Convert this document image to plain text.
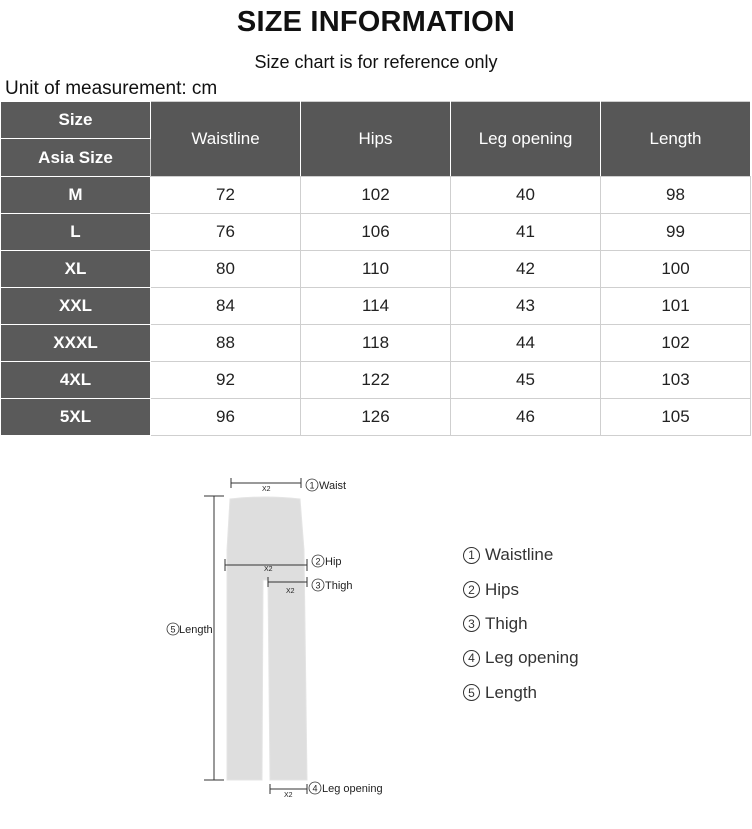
SIZE INFORMATION
Size chart is for reference only
Unit of measurement: cm
Size	Waistline	Hips	Leg opening	Length
Asia Size				
M	72	102	40	98
L	76	106	41	99
XL	80	110	42	100
XXL	84	114	43	101
XXXL	88	118	44	102
4XL	92	122	45	103
5XL	96	126	46	105
X2	1 Waist
X2
2 Hip
X2
3 Thigh
5 Length
X2
4 Leg opening
1 Waistline
2 Hips
3 Thigh
4 Leg opening
5 Length
